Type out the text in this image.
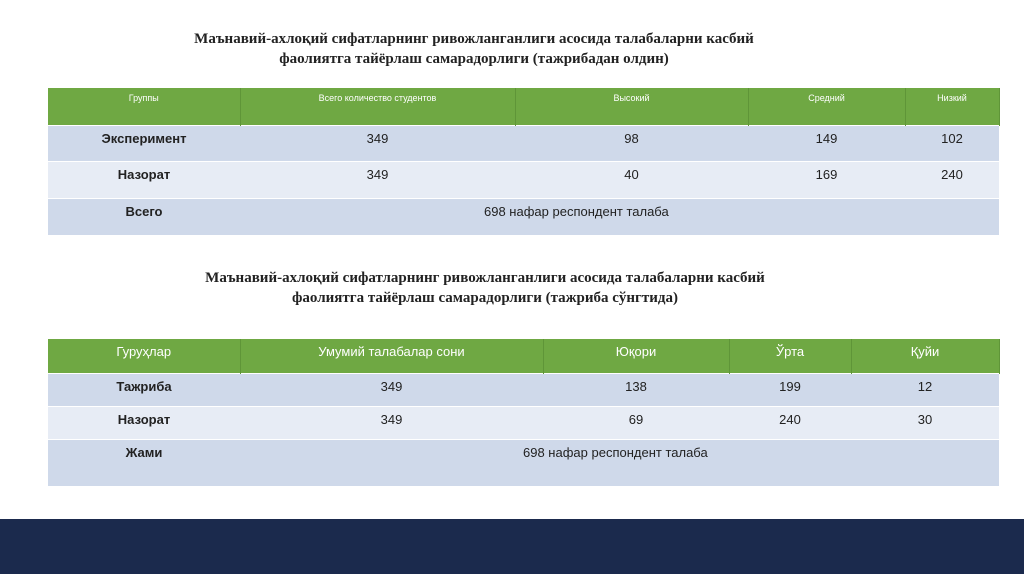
Маънавий-ахлоқий сифатларнинг ривожланганлиги асосида талабаларни касбий
фаолиятга тайёрлаш самарадорлиги (тажрибадан олдин)
Группы	Всего количество студентов	Высокий	Средний	Низкий
Эксперимент	349	98	149	102
Назорат	349	40	169	240
Всего	698 нафар респондент талаба			
Маънавий-ахлоқий сифатларнинг ривожланганлиги асосида талабаларни касбий
фаолиятга тайёрлаш самарадорлиги (тажриба сўнгтида)
Гуруҳлар	Умумий талабалар сони	Юқори	Ўрта	Қуйи
Тажриба	349	138	199	12
Назорат	349	69	240	30
Жами	698 нафар респондент талаба			
